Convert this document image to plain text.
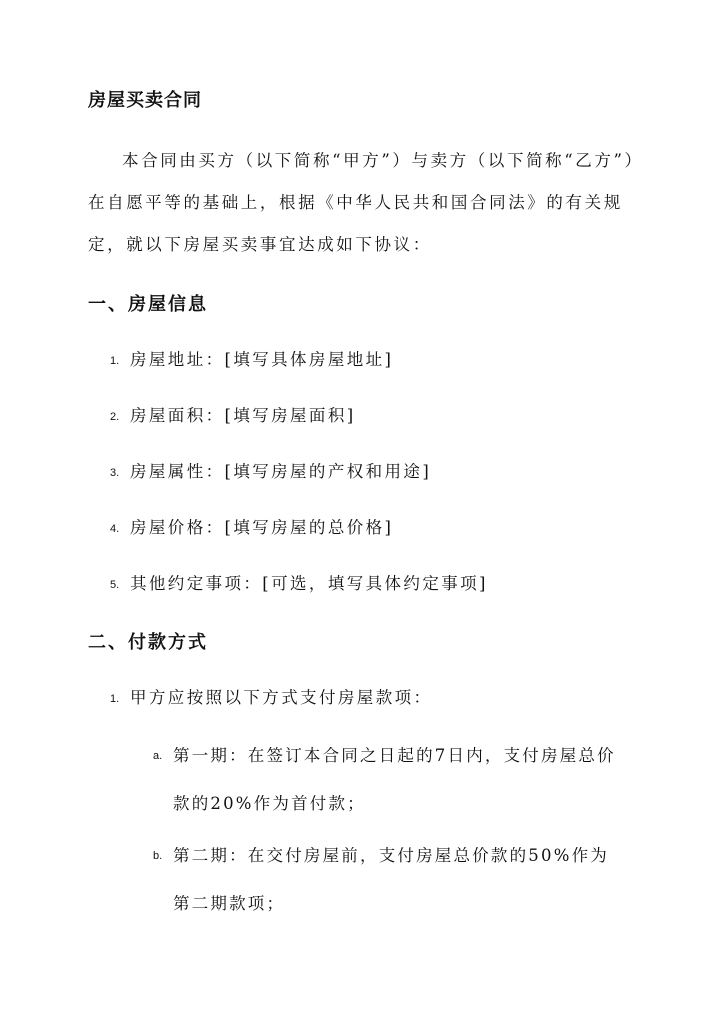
房屋买卖合同

本合同由买方（以下简称“甲方”）与卖方（以下简称“乙方”）在自愿平等的基础上，根据《中华人民共和国合同法》的有关规定，就以下房屋买卖事宜达成如下协议：

一、房屋信息
1. 房屋地址：[填写具体房屋地址]
2. 房屋面积：[填写房屋面积]
3. 房屋属性：[填写房屋的产权和用途]
4. 房屋价格：[填写房屋的总价格]
5. 其他约定事项：[可选，填写具体约定事项]
二、付款方式
1. 甲方应按照以下方式支付房屋款项：
a. 第一期：在签订本合同之日起的7日内，支付房屋总价款的20%作为首付款；
b. 第二期：在交付房屋前，支付房屋总价款的50%作为第二期款项；
